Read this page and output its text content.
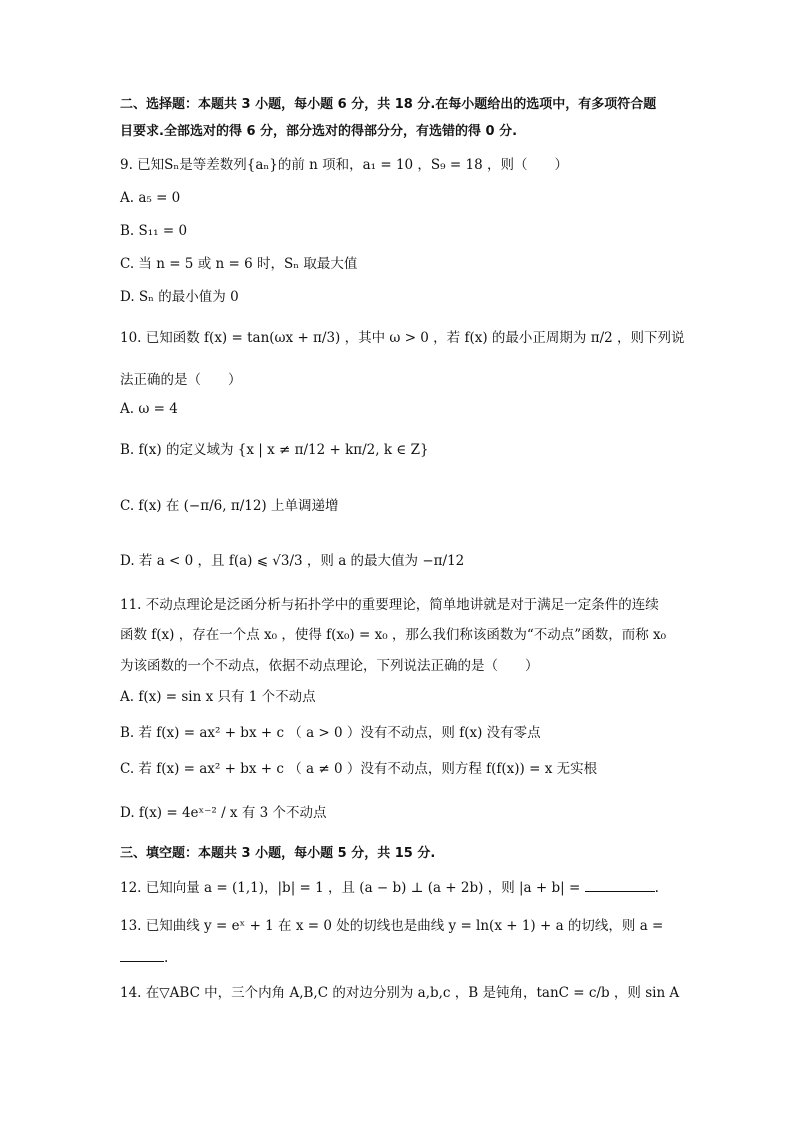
二、选择题：本题共 3 小题，每小题 6 分，共 18 分.在每小题给出的选项中，有多项符合题
目要求.全部选对的得 6 分，部分选对的得部分分，有选错的得 0 分.
9. 已知Sₙ是等差数列{aₙ}的前 n 项和，a₁ = 10 ，S₉ = 18 ，则（　　）
A. a₅ = 0
B. S₁₁ = 0
C. 当 n = 5 或 n = 6 时，Sₙ 取最大值
D. Sₙ 的最小值为 0
10. 已知函数 f(x) = tan(ωx + π/3) ，其中 ω > 0 ，若 f(x) 的最小正周期为 π/2 ，则下列说
法正确的是（　　）
A. ω = 4
B. f(x) 的定义域为 {x | x ≠ π/12 + kπ/2, k ∈ Z}
C. f(x) 在 (−π/6, π/12) 上单调递增
D. 若 a < 0 ，且 f(a) ⩽ √3/3 ，则 a 的最大值为 −π/12
11. 不动点理论是泛函分析与拓扑学中的重要理论，简单地讲就是对于满足一定条件的连续
函数 f(x) ，存在一个点 x₀ ，使得 f(x₀) = x₀ ，那么我们称该函数为“不动点”函数，而称 x₀
为该函数的一个不动点，依据不动点理论，下列说法正确的是（　　）
A. f(x) = sin x 只有 1 个不动点
B. 若 f(x) = ax² + bx + c （ a > 0 ）没有不动点，则 f(x) 没有零点
C. 若 f(x) = ax² + bx + c （ a ≠ 0 ）没有不动点，则方程 f(f(x)) = x 无实根
D. f(x) = 4eˣ⁻² / x 有 3 个不动点
三、填空题：本题共 3 小题，每小题 5 分，共 15 分.
12. 已知向量 a = (1,1)，|b| = 1 ，且 (a − b) ⊥ (a + 2b) ，则 |a + b| =	.
13. 已知曲线 y = eˣ + 1 在 x = 0 处的切线也是曲线 y = ln(x + 1) + a 的切线，则 a =
.
14. 在▽ABC 中，三个内角 A,B,C 的对边分别为 a,b,c ，B 是钝角，tanC = c/b ，则 sin A
